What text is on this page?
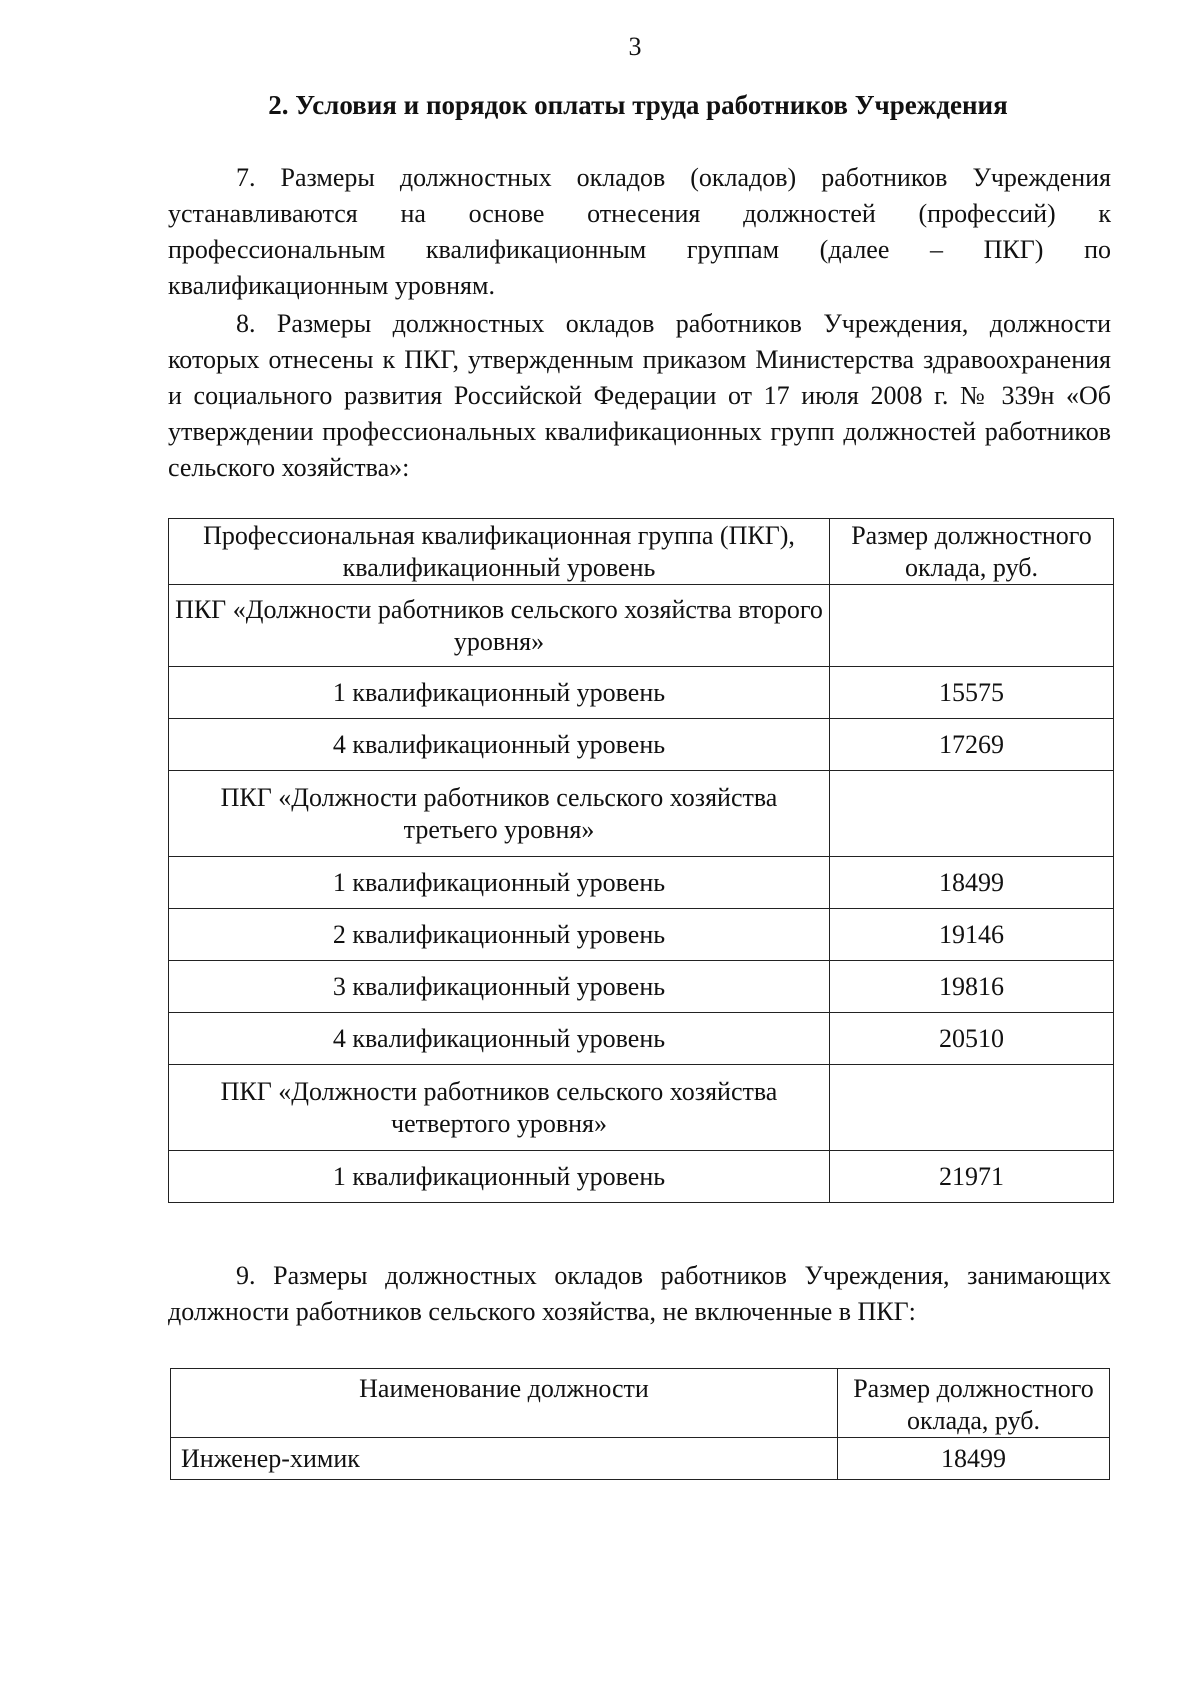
3
2. Условия и порядок оплаты труда работников Учреждения

7. Размеры должностных окладов (окладов) работников Учреждения устанавливаются на основе отнесения должностей (профессий) к профессиональным квалификационным группам (далее – ПКГ) по квалификационным уровням.

8. Размеры должностных окладов работников Учреждения, должности которых отнесены к ПКГ, утвержденным приказом Министерства здравоохранения и социального развития Российской Федерации от 17 июля 2008 г. № 339н «Об утверждении профессиональных квалификационных групп должностей работников сельского хозяйства»:

Профессиональная квалификационная группа (ПКГ), квалификационный уровень	Размер должностного оклада, руб.
ПКГ «Должности работников сельского хозяйства второго уровня»	
1 квалификационный уровень	15575
4 квалификационный уровень	17269
ПКГ «Должности работников сельского хозяйства третьего уровня»	
1 квалификационный уровень	18499
2 квалификационный уровень	19146
3 квалификационный уровень	19816
4 квалификационный уровень	20510
ПКГ «Должности работников сельского хозяйства четвертого уровня»	
1 квалификационный уровень	21971

9. Размеры должностных окладов работников Учреждения, занимающих должности работников сельского хозяйства, не включенные в ПКГ:

Наименование должности	Размер должностного оклада, руб.
Инженер-химик	18499
